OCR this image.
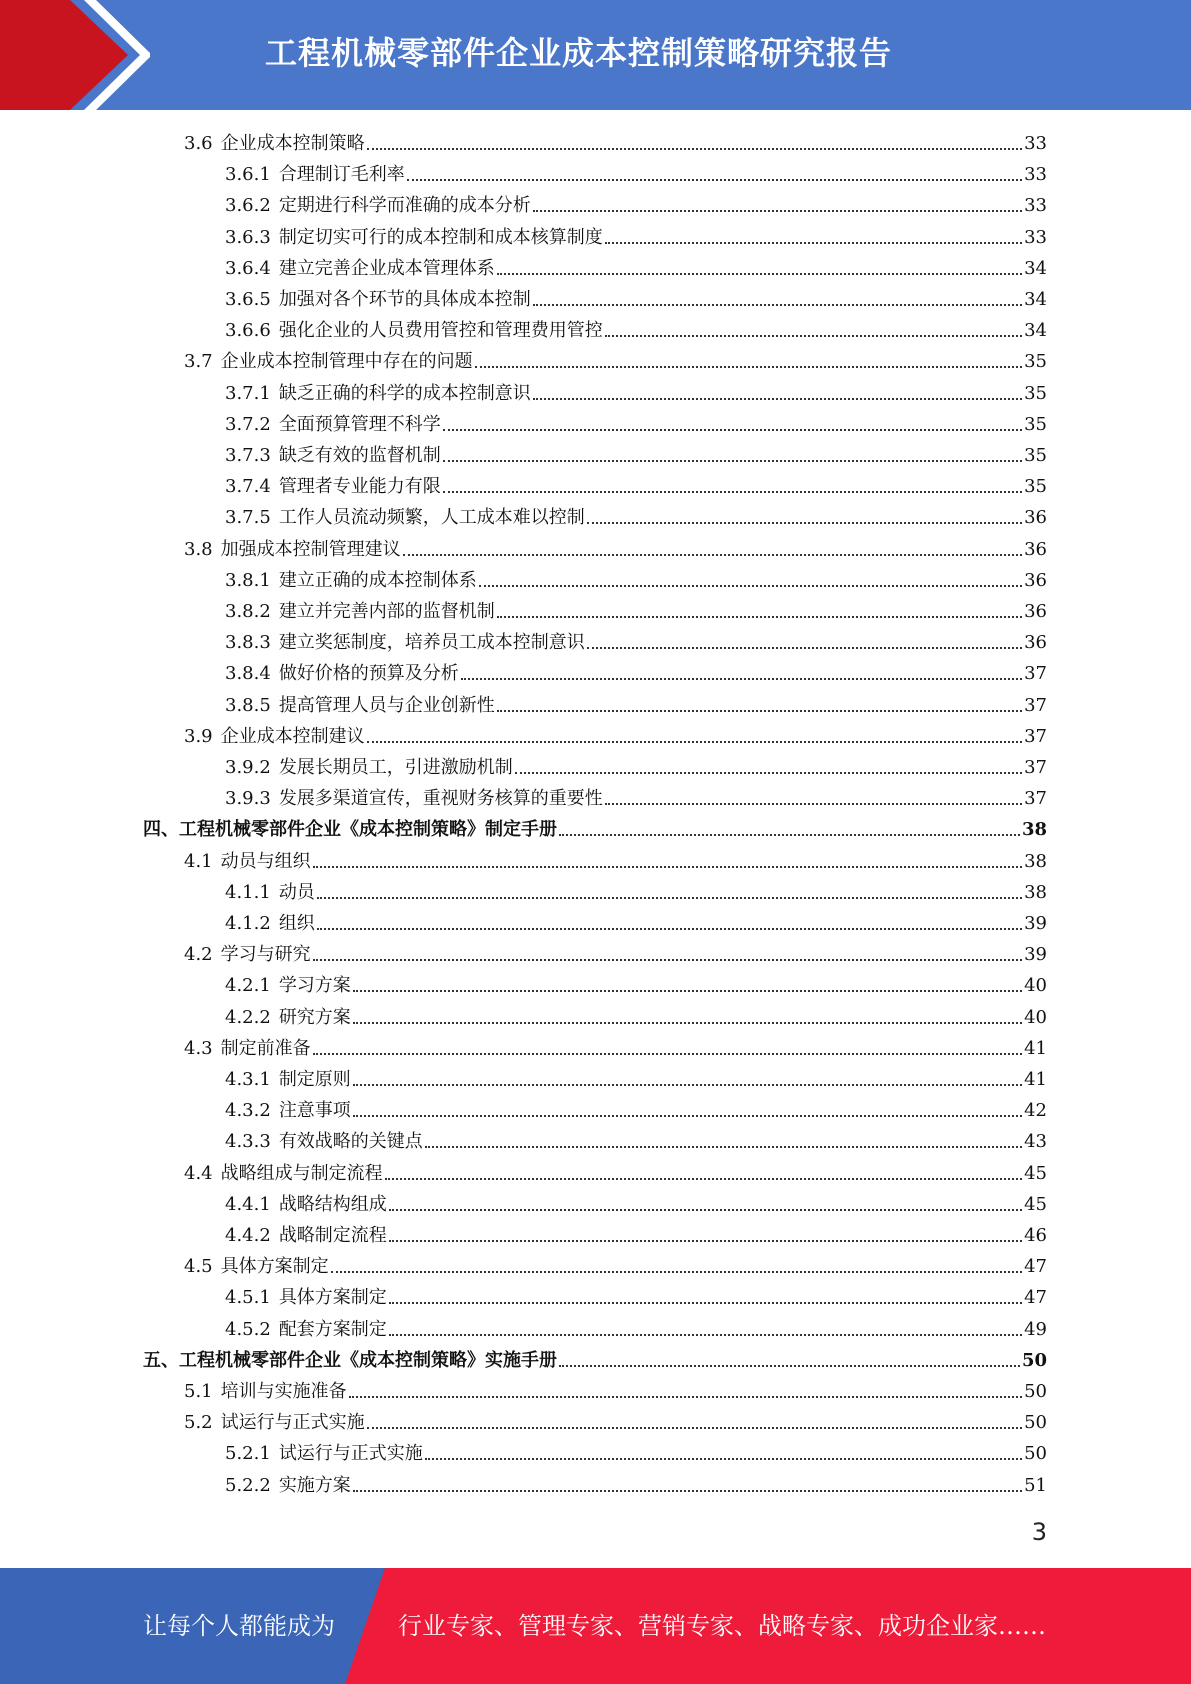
工程机械零部件企业成本控制策略研究报告
3.6 企业成本控制策略	33
3.6.1 合理制订毛利率	33
3.6.2 定期进行科学而准确的成本分析	33
3.6.3 制定切实可行的成本控制和成本核算制度	33
3.6.4 建立完善企业成本管理体系	34
3.6.5 加强对各个环节的具体成本控制	34
3.6.6 强化企业的人员费用管控和管理费用管控	34
3.7 企业成本控制管理中存在的问题	35
3.7.1 缺乏正确的科学的成本控制意识	35
3.7.2 全面预算管理不科学	35
3.7.3 缺乏有效的监督机制	35
3.7.4 管理者专业能力有限	35
3.7.5 工作人员流动频繁，人工成本难以控制	36
3.8 加强成本控制管理建议	36
3.8.1 建立正确的成本控制体系	36
3.8.2 建立并完善内部的监督机制	36
3.8.3 建立奖惩制度，培养员工成本控制意识	36
3.8.4 做好价格的预算及分析	37
3.8.5 提高管理人员与企业创新性	37
3.9 企业成本控制建议	37
3.9.2 发展长期员工，引进激励机制	37
3.9.3 发展多渠道宣传，重视财务核算的重要性	37
四、工程机械零部件企业《成本控制策略》制定手册	38
4.1 动员与组织	38
4.1.1 动员	38
4.1.2 组织	39
4.2 学习与研究	39
4.2.1 学习方案	40
4.2.2 研究方案	40
4.3 制定前准备	41
4.3.1 制定原则	41
4.3.2 注意事项	42
4.3.3 有效战略的关键点	43
4.4 战略组成与制定流程	45
4.4.1 战略结构组成	45
4.4.2 战略制定流程	46
4.5 具体方案制定	47
4.5.1 具体方案制定	47
4.5.2 配套方案制定	49
五、工程机械零部件企业《成本控制策略》实施手册	50
5.1 培训与实施准备	50
5.2 试运行与正式实施	50
5.2.1 试运行与正式实施	50
5.2.2 实施方案	51
3
让每个人都能成为	行业专家、管理专家、营销专家、战略专家、成功企业家……
